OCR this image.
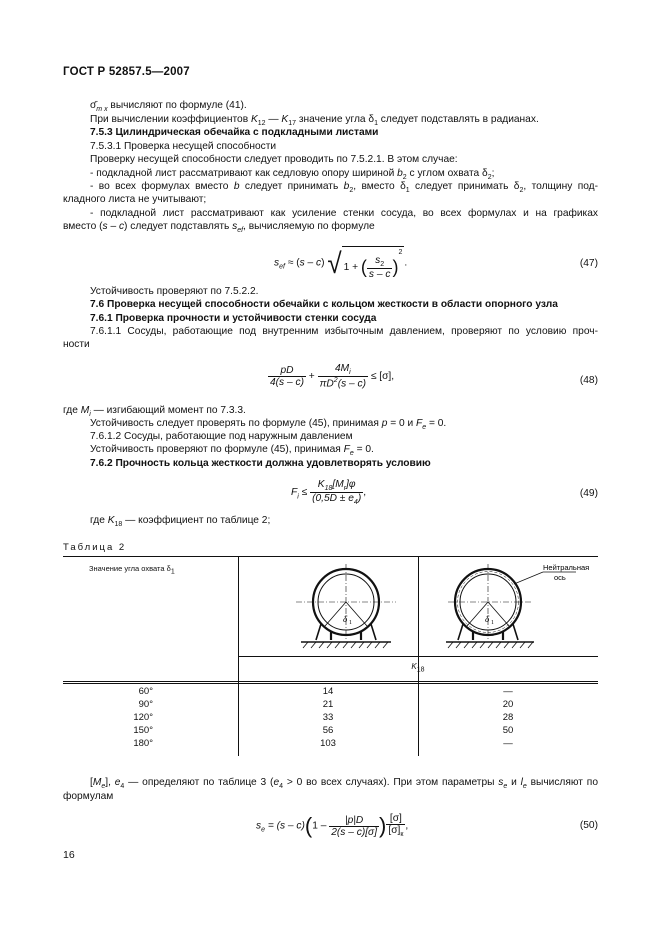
ГОСТ Р 52857.5—2007
$\sigmā_{m x}$ вычисляют по формуле (41).
При вычислении коэффициентов $K_{12}$ — $K_{17}$ значение угла $\delta_1$ следует подставлять в радианах.
7.5.3 Цилиндрическая обечайка с подкладными листами
7.5.3.1 Проверка несущей способности
Проверку несущей способности следует проводить по 7.5.2.1. В этом случае:
- подкладной лист рассматривают как седловую опору шириной $b_2$ с углом охвата $\delta_2$;
- во всех формулах вместо b следует принимать $b_2$, вместо $\delta_1$ следует принимать $\delta_2$, толщину под-
кладного листа не учитывают;
- подкладной лист рассматривают как усиление стенки сосуда, во всех формулах и на графиках
вместо (s – c) следует подставлять $s_{ef}$, вычисляемую по формуле
$s_{ef} \approx (s - c)$ √ 1 + ( $\frac{s_2}{s - c} )^2$.	(47)
Устойчивость проверяют по 7.5.2.2.
7.6 Проверка несущей способности обечайки с кольцом жесткости в области опорного узла
7.6.1 Проверка прочности и устойчивости стенки сосуда
7.6.1.1 Сосуды, работающие под внутренним избыточным давлением, проверяют по условию проч-
ности
$\frac{pD}{4(s - c)} + \frac{4M_i}{\pi D^2(s - c)} \le [\sigma]$,	(48)
где $M_i$ — изгибающий момент по 7.3.3.
Устойчивость следует проверять по формуле (45), принимая p = 0 и $F_e = 0$.
7.6.1.2 Сосуды, работающие под наружным давлением
Устойчивость проверяют по формуле (45), принимая $F_e = 0$.
7.6.2 Прочность кольца жесткости должна удовлетворять условию
$F_i \le \frac{K_{18}[M_r]\varphi}{(0,5D \pm e_4)}$ ,	(49)
где $K_{18}$ — коэффициент по таблице 2;
Таблица 2
Значение угла охвата $\delta_1$
δ 1
Нейтральная
ось
δ 1
$K_{18}$
60°	14	—
90°	21	20
120°	33	28
150°	56	50
180°	103	—
$[M_e]$, $e_4$ — определяют по таблице 3 ($e_4 > 0$ во всех случаях). При этом параметры $s_e$ и $l_e$ вычисляют по
формулам
$s_e = (s - c)(1 - \frac{|p|D}{2(s - c)[\sigma]}$ ) $\frac{[\sigma]}{[\sigma]_к}$ ,	(50)
16
